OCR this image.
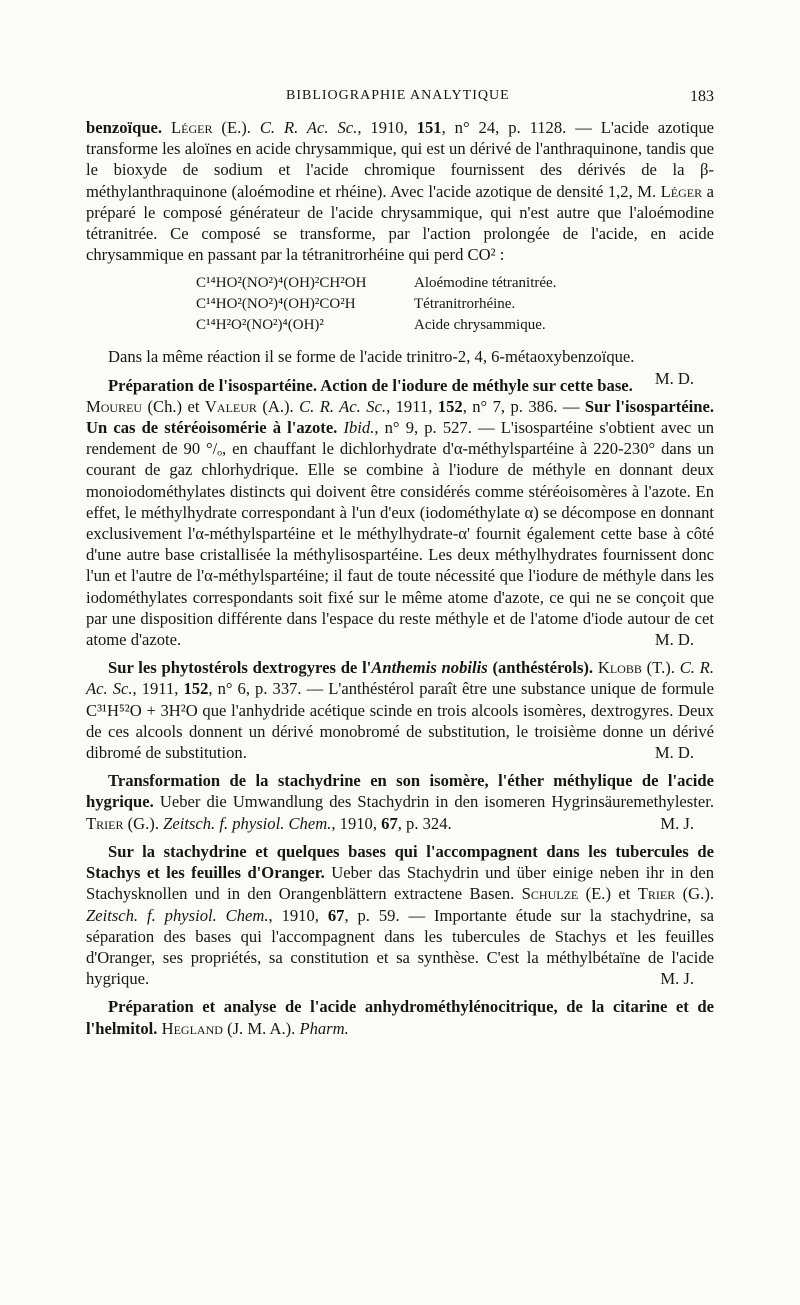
BIBLIOGRAPHIE ANALYTIQUE	183

benzoïque. Léger (E.). C. R. Ac. Sc., 1910, 151, n° 24, p. 1128. — L'acide azotique transforme les aloïnes en acide chrysammique, qui est un dérivé de l'anthraquinone, tandis que le bioxyde de sodium et l'acide chromique fournissent des dérivés de la β-méthylanthraquinone (aloémodine et rhéine). Avec l'acide azotique de densité 1,2, M. Léger a préparé le composé générateur de l'acide chrysammique, qui n'est autre que l'aloémodine tétranitrée. Ce composé se transforme, par l'action prolongée de l'acide, en acide chrysammique en passant par la tétranitrorhéine qui perd CO² :

C¹⁴HO²(NO²)⁴(OH)²CH²OH	Aloémodine tétranitrée.
C¹⁴HO²(NO²)⁴(OH)²CO²H	Tétranitrorhéine.
C¹⁴H²O²(NO²)⁴(OH)²	Acide chrysammique.

Dans la même réaction il se forme de l'acide trinitro-2, 4, 6-métaoxybenzoïque.
M. D.

Préparation de l'isospartéine. Action de l'iodure de méthyle sur cette base. Moureu (Ch.) et Valeur (A.). C. R. Ac. Sc., 1911, 152, n° 7, p. 386. — Sur l'isospartéine. Un cas de stéréoisomérie à l'azote. Ibid., n° 9, p. 527. — L'isospartéine s'obtient avec un rendement de 90 °/ₒ, en chauffant le dichlorhydrate d'α-méthylspartéine à 220-230° dans un courant de gaz chlorhydrique. Elle se combine à l'iodure de méthyle en donnant deux monoiodométhylates distincts qui doivent être considérés comme stéréoisomères à l'azote. En effet, le méthylhydrate correspondant à l'un d'eux (iodométhylate α) se décompose en donnant exclusivement l'α-méthylspartéine et le méthylhydrate-α' fournit également cette base à côté d'une autre base cristallisée la méthylisospartéine. Les deux méthylhydrates fournissent donc l'un et l'autre de l'α-méthylspartéine; il faut de toute nécessité que l'iodure de méthyle dans les iodométhylates correspondants soit fixé sur le même atome d'azote, ce qui ne se conçoit que par une disposition différente dans l'espace du reste méthyle et de l'atome d'iode autour de cet atome d'azote.	M. D.

Sur les phytostérols dextrogyres de l'Anthemis nobilis (anthéstérols). Klobb (T.). C. R. Ac. Sc., 1911, 152, n° 6, p. 337. — L'anthéstérol paraît être une substance unique de formule C³¹H⁵²O + 3H²O que l'anhydride acétique scinde en trois alcools isomères, dextrogyres. Deux de ces alcools donnent un dérivé monobromé de substitution, le troisième donne un dérivé dibromé de substitution.	M. D.

Transformation de la stachydrine en son isomère, l'éther méthylique de l'acide hygrique. Ueber die Umwandlung des Stachydrin in den isomeren Hygrinsäuremethylester. Trier (G.). Zeitsch. f. physiol. Chem., 1910, 67, p. 324.	M. J.

Sur la stachydrine et quelques bases qui l'accompagnent dans les tubercules de Stachys et les feuilles d'Oranger. Ueber das Stachydrin und über einige neben ihr in den Stachysknollen und in den Orangenblättern extractene Basen. Schulze (E.) et Trier (G.). Zeitsch. f. physiol. Chem., 1910, 67, p. 59. — Importante étude sur la stachydrine, sa séparation des bases qui l'accompagnent dans les tubercules de Stachys et les feuilles d'Oranger, ses propriétés, sa constitution et sa synthèse. C'est la méthylbétaïne de l'acide hygrique.	M. J.

Préparation et analyse de l'acide anhydrométhylénocitrique, de la citarine et de l'helmitol. Hegland (J. M. A.). Pharm.
